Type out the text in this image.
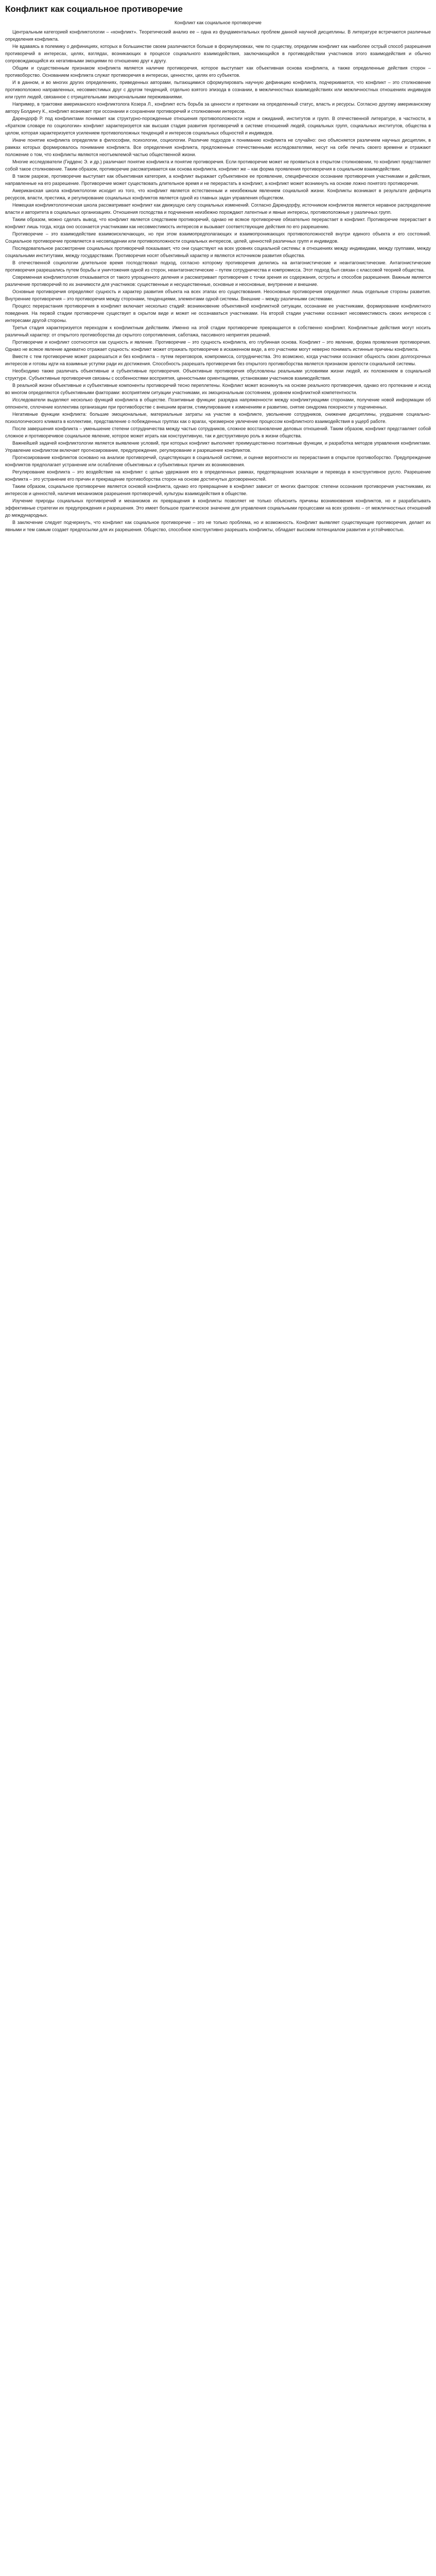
Конфликт как социальное противоречие
Конфликт как социальное противоречие

Центральным категорией конфликтологии – «конфликт». Теоретический анализ ее – одна из фундаментальных проблем данной научной дисциплины. В литературе встречаются различные определения конфликта.

Не вдаваясь в полемику о дефинициях, которых в большинстве своем различаются больше в формулировках, чем по существу, определим конфликт как наиболее острый способ разрешения противоречий в интересах, целях, взглядах, возникающих в процессе социального взаимодействия, заключающийся в противодействии участников этого взаимодействия и обычно сопровождающийся их негативными эмоциями по отношению друг к другу.

Общим и существенным признаком конфликта является наличие противоречия, которое выступает как объективная основа конфликта, а также определенные действия сторон – противоборство. Основанием конфликта служат противоречия в интересах, ценностях, целях его субъектов.

И в данном, и во многих других определениях, приведенных авторами, пытающимися сформулировать научную дефиницию конфликта, подчеркивается, что конфликт – это столкновение противоположно направленных, несовместимых друг с другом тенденций, отдельно взятого эпизода в сознании, в межличностных взаимодействиях или межличностных отношениях индивидов или групп людей, связанное с отрицательными эмоциональными переживаниями.

Например, в трактовке американского конфликтолога Козера Л., конфликт есть борьба за ценности и претензии на определенный статус, власть и ресурсы. Согласно другому американскому автору Болдингу К., конфликт возникает при осознании и сохранении противоречий и столкновении интересов.

Дарендорф Р. под конфликтами понимает как структурно-порожденные отношения противоположности норм и ожиданий, институтов и групп. В отечественной литературе, в частности, в «Кратком словаре по социологии» конфликт характеризуется как высшая стадия развития противоречий в системе отношений людей, социальных групп, социальных институтов, общества в целом, которая характеризуется усилением противоположных тенденций и интересов социальных общностей и индивидов.

Иначе понятие конфликта определяли в философии, психологии, социологии. Различие подходов к пониманию конфликта не случайно: оно объясняется различием научных дисциплин, в рамках которых формировалось понимание конфликта. Все определения конфликта, предложенные отечественными исследователями, несут на себе печать своего времени и отражают положение о том, что конфликты являются неотъемлемой частью общественной жизни.

Многие исследователи (Гидденс Э. и др.) различают понятие конфликта и понятие противоречия. Если противоречие может не проявиться в открытом столкновении, то конфликт представляет собой такое столкновение. Таким образом, противоречие рассматривается как основа конфликта, конфликт же – как форма проявления противоречия в социальном взаимодействии.

В таком разрезе, противоречие выступает как объективная категория, а конфликт выражает субъективное ее проявление, специфическое осознание противоречия участниками и действия, направленные на его разрешение. Противоречие может существовать длительное время и не перерастать в конфликт, а конфликт может возникнуть на основе ложно понятого противоречия.

Американская школа конфликтологии исходит из того, что конфликт является естественным и неизбежным явлением социальной жизни. Конфликты возникают в результате дефицита ресурсов, власти, престижа, и регулирование социальных конфликтов является одной из главных задач управления обществом.

Немецкая конфликтологическая школа рассматривает конфликт как движущую силу социальных изменений. Согласно Дарендорфу, источником конфликтов является неравное распределение власти и авторитета в социальных организациях. Отношения господства и подчинения неизбежно порождают латентные и явные интересы, противоположные у различных групп.

Таким образом, можно сделать вывод, что конфликт является следствием противоречий, однако не всякое противоречие обязательно перерастает в конфликт. Противоречие перерастает в конфликт лишь тогда, когда оно осознается участниками как несовместимость интересов и вызывает соответствующие действия по его разрешению.

Противоречие – это взаимодействие взаимоисключающих, но при этом взаимопредполагающих и взаимопроникающих противоположностей внутри единого объекта и его состояний. Социальное противоречие проявляется в несовпадении или противоположности социальных интересов, целей, ценностей различных групп и индивидов.

Последовательное рассмотрение социальных противоречий показывает, что они существуют на всех уровнях социальной системы: в отношениях между индивидами, между группами, между социальными институтами, между государствами. Противоречия носят объективный характер и являются источником развития общества.

В отечественной социологии длительное время господствовал подход, согласно которому противоречия делились на антагонистические и неантагонистические. Антагонистические противоречия разрешались путем борьбы и уничтожения одной из сторон, неантагонистические – путем сотрудничества и компромисса. Этот подход был связан с классовой теорией общества.

Современная конфликтология отказывается от такого упрощенного деления и рассматривает противоречия с точки зрения их содержания, остроты и способов разрешения. Важным является различение противоречий по их значимости для участников: существенные и несущественные, основные и неосновные, внутренние и внешние.

Основные противоречия определяют сущность и характер развития объекта на всех этапах его существования. Неосновные противоречия определяют лишь отдельные стороны развития. Внутренние противоречия – это противоречия между сторонами, тенденциями, элементами одной системы. Внешние – между различными системами.

Процесс перерастания противоречия в конфликт включает несколько стадий: возникновение объективной конфликтной ситуации, осознание ее участниками, формирование конфликтного поведения. На первой стадии противоречие существует в скрытом виде и может не осознаваться участниками. На второй стадии участники осознают несовместимость своих интересов с интересами другой стороны.

Третья стадия характеризуется переходом к конфликтным действиям. Именно на этой стадии противоречие превращается в собственно конфликт. Конфликтные действия могут носить различный характер: от открытого противоборства до скрытого сопротивления, саботажа, пассивного неприятия решений.

Противоречие и конфликт соотносятся как сущность и явление. Противоречие – это сущность конфликта, его глубинная основа. Конфликт – это явление, форма проявления противоречия. Однако не всякое явление адекватно отражает сущность: конфликт может отражать противоречие в искаженном виде, а его участники могут неверно понимать истинные причины конфликта.

Вместе с тем противоречие может разрешаться и без конфликта – путем переговоров, компромисса, сотрудничества. Это возможно, когда участники осознают общность своих долгосрочных интересов и готовы идти на взаимные уступки ради их достижения. Способность разрешать противоречия без открытого противоборства является признаком зрелости социальной системы.

Необходимо также различать объективные и субъективные противоречия. Объективные противоречия обусловлены реальными условиями жизни людей, их положением в социальной структуре. Субъективные противоречия связаны с особенностями восприятия, ценностными ориентациями, установками участников взаимодействия.

В реальной жизни объективные и субъективные компоненты противоречий тесно переплетены. Конфликт может возникнуть на основе реального противоречия, однако его протекание и исход во многом определяются субъективными факторами: восприятием ситуации участниками, их эмоциональным состоянием, уровнем конфликтной компетентности.

Исследователи выделяют несколько функций конфликта в обществе. Позитивные функции: разрядка напряженности между конфликтующими сторонами, получение новой информации об оппоненте, сплочение коллектива организации при противоборстве с внешним врагом, стимулирование к изменениям и развитию, снятие синдрома покорности у подчиненных.

Негативные функции конфликта: большие эмоциональные, материальные затраты на участие в конфликте, увольнение сотрудников, снижение дисциплины, ухудшение социально-психологического климата в коллективе, представление о побежденных группах как о врагах, чрезмерное увлечение процессом конфликтного взаимодействия в ущерб работе.

После завершения конфликта – уменьшение степени сотрудничества между частью сотрудников, сложное восстановление деловых отношений. Таким образом, конфликт представляет собой сложное и противоречивое социальное явление, которое может играть как конструктивную, так и деструктивную роль в жизни общества.

Важнейшей задачей конфликтологии является выявление условий, при которых конфликт выполняет преимущественно позитивные функции, и разработка методов управления конфликтами. Управление конфликтом включает прогнозирование, предупреждение, регулирование и разрешение конфликтов.

Прогнозирование конфликтов основано на анализе противоречий, существующих в социальной системе, и оценке вероятности их перерастания в открытое противоборство. Предупреждение конфликтов предполагает устранение или ослабление объективных и субъективных причин их возникновения.

Регулирование конфликта – это воздействие на конфликт с целью удержания его в определенных рамках, предотвращения эскалации и перевода в конструктивное русло. Разрешение конфликта – это устранение его причин и прекращение противоборства сторон на основе достигнутых договоренностей.

Таким образом, социальное противоречие является основой конфликта, однако его превращение в конфликт зависит от многих факторов: степени осознания противоречия участниками, их интересов и ценностей, наличия механизмов разрешения противоречий, культуры взаимодействия в обществе.

Изучение природы социальных противоречий и механизмов их превращения в конфликты позволяет не только объяснить причины возникновения конфликтов, но и разрабатывать эффективные стратегии их предупреждения и разрешения. Это имеет большое практическое значение для управления социальными процессами на всех уровнях – от межличностных отношений до международных.

В заключение следует подчеркнуть, что конфликт как социальное противоречие – это не только проблема, но и возможность. Конфликт выявляет существующие противоречия, делает их явными и тем самым создает предпосылки для их разрешения. Общество, способное конструктивно разрешать конфликты, обладает высоким потенциалом развития и устойчивостью.
